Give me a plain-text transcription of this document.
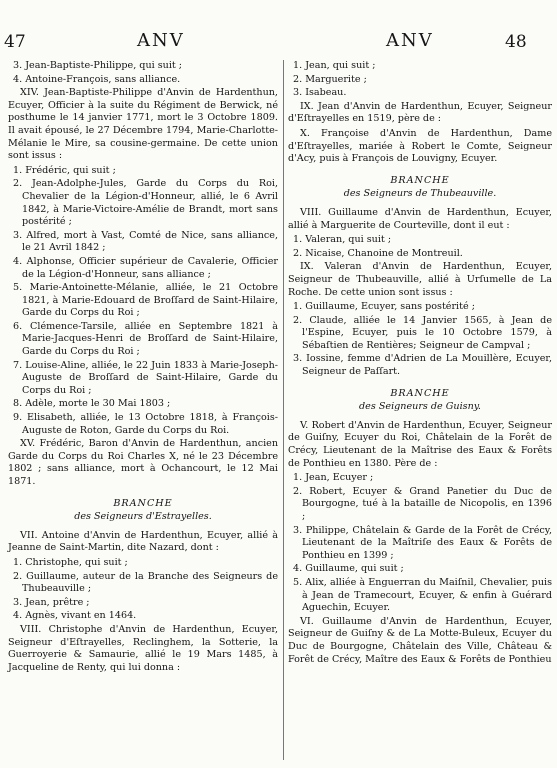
47	ANV	ANV	48
3. Jean-Baptiste-Philippe, qui suit ;
4. Antoine-François, sans alliance.

XIV. Jean-Baptiste-Philippe d'Anvin de Hardenthun, Ecuyer, Officier à la suite du Régiment de Berwick, né posthume le 14 janvier 1771, mort le 3 Octobre 1809. Il avait épousé, le 27 Décembre 1794, Marie-Charlotte-Mélanie le Mire, sa cousine-germaine. De cette union sont issus :

1. Frédéric, qui suit ;
2. Jean-Adolphe-Jules, Garde du Corps du Roi, Chevalier de la Légion-d'Honneur, allié, le 6 Avril 1842, à Marie-Victoire-Amélie de Brandt, mort sans postérité ;
3. Alfred, mort à Vast, Comté de Nice, sans alliance, le 21 Avril 1842 ;
4. Alphonse, Officier supérieur de Cavalerie, Officier de la Légion-d'Honneur, sans alliance ;
5. Marie-Antoinette-Mélanie, alliée, le 21 Octobre 1821, à Marie-Edouard de Broſſard de Saint-Hilaire, Garde du Corps du Roi ;
6. Clémence-Tarsile, alliée en Septembre 1821 à Marie-Jacques-Henri de Broſſard de Saint-Hilaire, Garde du Corps du Roi ;
7. Louise-Aline, alliée, le 22 Juin 1833 à Marie-Joseph-Auguste de Broſſard de Saint-Hilaire, Garde du Corps du Roi ;
8. Adèle, morte le 30 Mai 1803 ;
9. Elisabeth, alliée, le 13 Octobre 1818, à François-Auguste de Roton, Garde du Corps du Roi.

XV. Frédéric, Baron d'Anvin de Hardenthun, ancien Garde du Corps du Roi Charles X, né le 23 Décembre 1802 ; sans alliance, mort à Ochancourt, le 12 Mai 1871.

BRANCHE
des Seigneurs d'Estrayelles.

VII. Antoine d'Anvin de Hardenthun, Ecuyer, allié à Jeanne de Saint-Martin, dite Nazard, dont :

1. Christophe, qui suit ;
2. Guillaume, auteur de la Branche des Seigneurs de Thubeauville ;
3. Jean, prêtre ;
4. Agnès, vivant en 1464.

VIII. Christophe d'Anvin de Hardenthun, Ecuyer, Seigneur d'Eſtrayelles, Reclinghem, la Sotterie, la Guerroyerie & Samaurie, allié le 19 Mars 1485, à Jacqueline de Renty, qui lui donna :

1. Jean, qui suit ;
2. Marguerite ;
3. Isabeau.

IX. Jean d'Anvin de Hardenthun, Ecuyer, Seigneur d'Eſtrayelles en 1519, père de :

X. Françoise d'Anvin de Hardenthun, Dame d'Eſtrayelles, mariée à Robert le Comte, Seigneur d'Acy, puis à François de Louvigny, Ecuyer.

BRANCHE
des Seigneurs de Thubeauville.

VIII. Guillaume d'Anvin de Hardenthun, Ecuyer, allié à Marguerite de Courteville, dont il eut :

1. Valeran, qui suit ;
2. Nicaise, Chanoine de Montreuil.

IX. Valeran d'Anvin de Hardenthun, Ecuyer, Seigneur de Thubeauville, allié à Urſumelle de La Roche. De cette union sont issus :

1. Guillaume, Ecuyer, sans postérité ;
2. Claude, alliée le 14 Janvier 1565, à Jean de l'Espine, Ecuyer, puis le 10 Octobre 1579, à Sébaſtien de Rentières; Seigneur de Campval ;
3. Iossine, femme d'Adrien de La Mouillère, Ecuyer, Seigneur de Paſſart.
BRANCHE
des Seigneurs de Guisny.

V. Robert d'Anvin de Hardenthun, Ecuyer, Seigneur de Guiſny, Ecuyer du Roi, Châtelain de la Forêt de Crécy, Lieutenant de la Maîtrise des Eaux & Forêts de Ponthieu en 1380. Père de :

1. Jean, Ecuyer ;
2. Robert, Ecuyer & Grand Panetier du Duc de Bourgogne, tué à la bataille de Nicopolis, en 1396 ;
3. Philippe, Châtelain & Garde de la Forêt de Crécy, Lieutenant de la Maîtriſe des Eaux & Forêts de Ponthieu en 1399 ;
4. Guillaume, qui suit ;
5. Alix, alliée à Enguerran du Maiſnil, Chevalier, puis à Jean de Tramecourt, Ecuyer, & enfin à Guérard Aguechin, Ecuyer.

VI. Guillaume d'Anvin de Hardenthun, Ecuyer, Seigneur de Guiſny & de La Motte-Buleux, Ecuyer du Duc de Bourgogne, Châtelain des Ville, Château & Forêt de Crécy, Maître des Eaux & Forêts de Ponthieu
